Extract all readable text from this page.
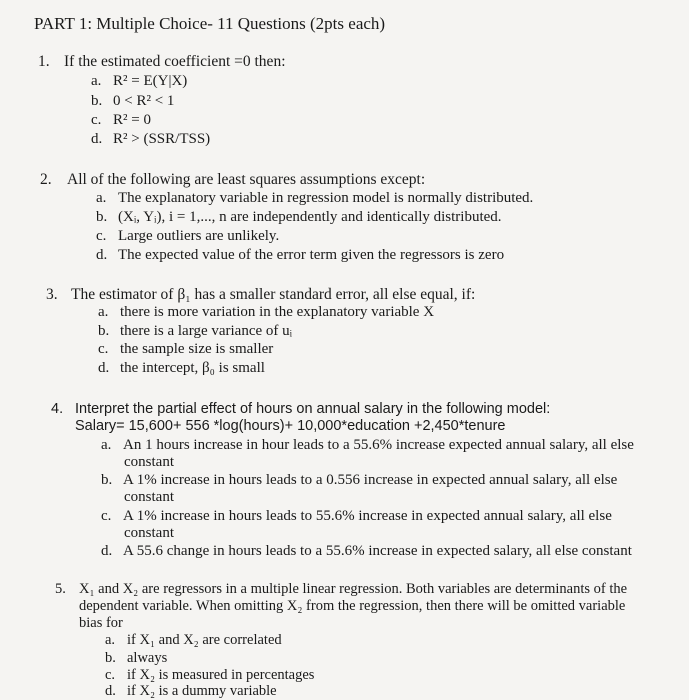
PART 1: Multiple Choice- 11 Questions (2pts each)
1. If the estimated coefficient =0 then:
a. R² = E(Y|X)
b. 0 < R² < 1
c. R² = 0
d. R² > (SSR/TSS)
2. All of the following are least squares assumptions except:
a. The explanatory variable in regression model is normally distributed.
b. (Xᵢ, Yᵢ), i = 1,..., n are independently and identically distributed.
c. Large outliers are unlikely.
d. The expected value of the error term given the regressors is zero
3. The estimator of β₁ has a smaller standard error, all else equal, if:
a. there is more variation in the explanatory variable X
b. there is a large variance of uᵢ
c. the sample size is smaller
d. the intercept, β₀ is small
4. Interpret the partial effect of hours on annual salary in the following model:
Salary= 15,600+ 556 *log(hours)+ 10,000*education +2,450*tenure
a. An 1 hours increase in hour leads to a 55.6% increase expected annual salary, all else
constant
b. A 1% increase in hours leads to a 0.556 increase in expected annual salary, all else
constant
c. A 1% increase in hours leads to 55.6% increase in expected annual salary, all else
constant
d. A 55.6 change in hours leads to a 55.6% increase in expected salary, all else constant
5. X₁ and X₂ are regressors in a multiple linear regression. Both variables are determinants of the
dependent variable. When omitting X₂ from the regression, then there will be omitted variable
bias for
a. if X₁ and X₂ are correlated
b. always
c. if X₂ is measured in percentages
d. if X₂ is a dummy variable
